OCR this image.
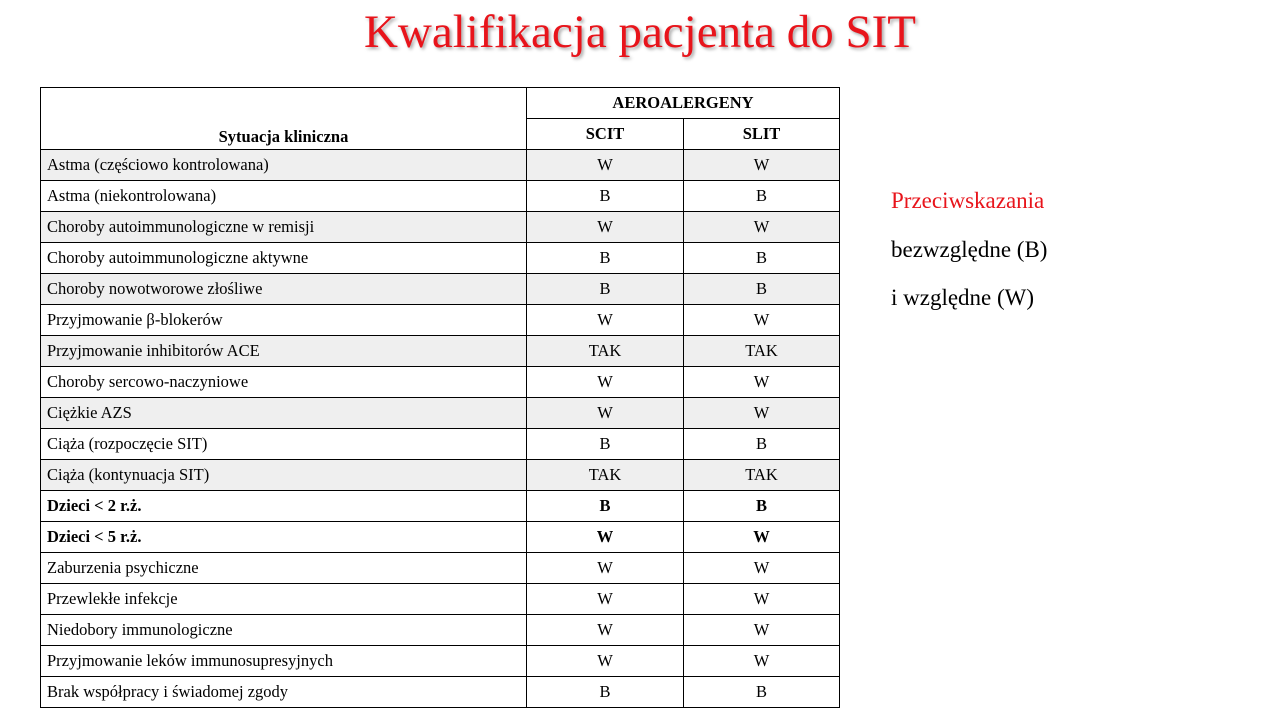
Kwalifikacja pacjenta do SIT
Sytuacja kliniczna	AEROALERGENY	
	SCIT	SLIT
Astma (częściowo kontrolowana)	W	W
Astma (niekontrolowana)	B	B
Choroby autoimmunologiczne w remisji	W	W
Choroby autoimmunologiczne aktywne	B	B
Choroby nowotworowe złośliwe	B	B
Przyjmowanie β-blokerów	W	W
Przyjmowanie inhibitorów ACE	TAK	TAK
Choroby sercowo-naczyniowe	W	W
Ciężkie AZS	W	W
Ciąża (rozpoczęcie SIT)	B	B
Ciąża (kontynuacja SIT)	TAK	TAK
Dzieci < 2 r.ż.	B	B
Dzieci < 5 r.ż.	W	W
Zaburzenia psychiczne	W	W
Przewlekłe infekcje	W	W
Niedobory immunologiczne	W	W
Przyjmowanie leków immunosupresyjnych	W	W
Brak współpracy i świadomej zgody	B	B
Przeciwskazania
bezwzględne (B)
i względne (W)
